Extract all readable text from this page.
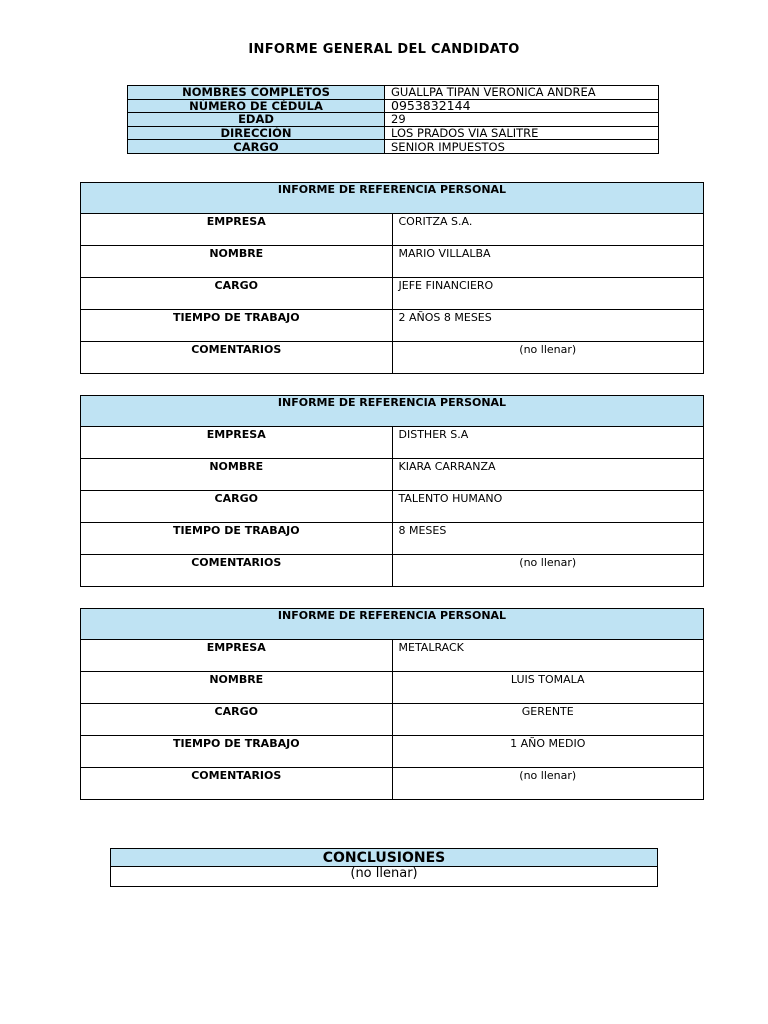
INFORME GENERAL DEL CANDIDATO
NOMBRES COMPLETOS	GUALLPA TIPAN VERONICA ANDREA
NÚMERO DE CÉDULA	0953832144
EDAD	29
DIRECCIÓN	LOS PRADOS VIA SALITRE
CARGO	SENIOR IMPUESTOS
INFORME DE REFERENCIA PERSONAL	
EMPRESA	CORITZA S.A.
NOMBRE	MARIO VILLALBA
CARGO	JEFE FINANCIERO
TIEMPO DE TRABAJO	2 AÑOS 8 MESES
COMENTARIOS	(no llenar)
INFORME DE REFERENCIA PERSONAL	
EMPRESA	DISTHER S.A
NOMBRE	KIARA CARRANZA
CARGO	TALENTO HUMANO
TIEMPO DE TRABAJO	8 MESES
COMENTARIOS	(no llenar)
INFORME DE REFERENCIA PERSONAL	
EMPRESA	METALRACK
NOMBRE	LUIS TOMALA
CARGO	GERENTE
TIEMPO DE TRABAJO	1 AÑO MEDIO
COMENTARIOS	(no llenar)
CONCLUSIONES
(no llenar)
